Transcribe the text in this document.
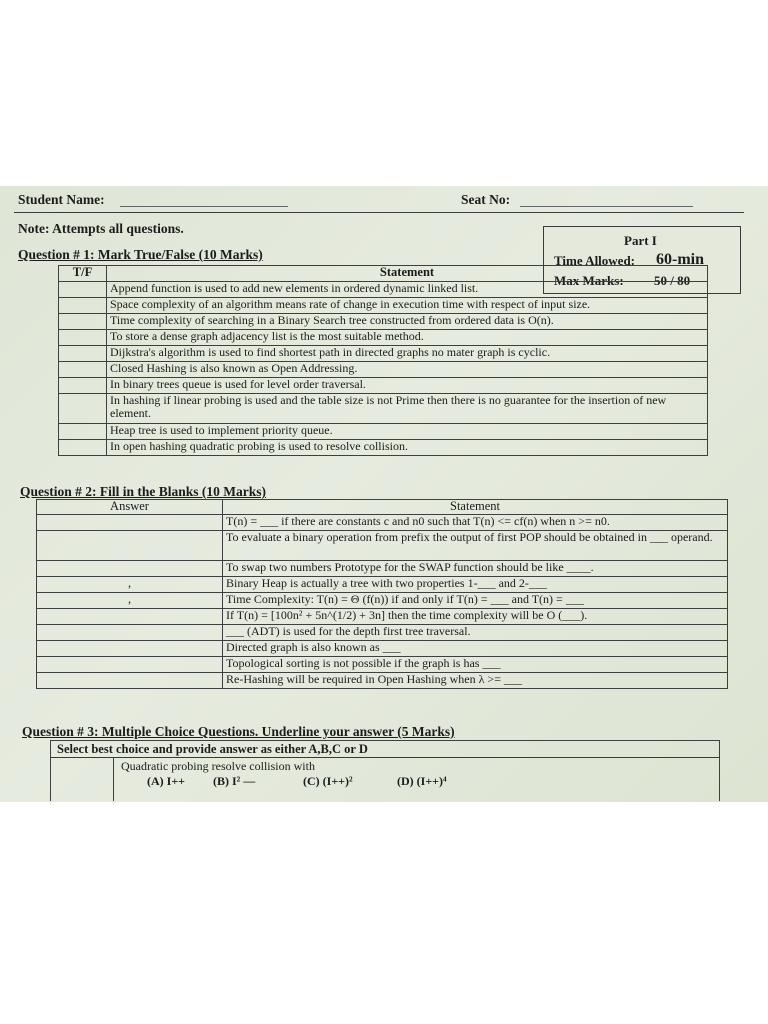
Student Name:	Seat No:
Note: Attempts all questions.
Part I
Time Allowed: 60-min
Max Marks: 50 / 80
Question # 1: Mark True/False (10 Marks)
T/F	Statement
	Append function is used to add new elements in ordered dynamic linked list.
	Space complexity of an algorithm means rate of change in execution time with respect of input size.
	Time complexity of searching in a Binary Search tree constructed from ordered data is O(n).
	To store a dense graph adjacency list is the most suitable method.
	Dijkstra's algorithm is used to find shortest path in directed graphs no mater graph is cyclic.
	Closed Hashing is also known as Open Addressing.
	In binary trees queue is used for level order traversal.
	In hashing if linear probing is used and the table size is not Prime then there is no guarantee for the insertion of new element.
	Heap tree is used to implement priority queue.
	In open hashing quadratic probing is used to resolve collision.
Question # 2: Fill in the Blanks (10 Marks)
Answer	Statement
	T(n) = ___ if there are constants c and n0 such that T(n) <= cf(n) when n >= n0.
	To evaluate a binary operation from prefix the output of first POP should be obtained in ___ operand.
	To swap two numbers Prototype for the SWAP function should be like ____.
,	Binary Heap is actually a tree with two properties 1-___ and 2-___
,	Time Complexity: T(n) = Θ (f(n)) if and only if T(n) = ___ and T(n) = ___
	If T(n) = [100n² + 5n^(1/2) + 3n] then the time complexity will be O (___).
	___ (ADT) is used for the depth first tree traversal.
	Directed graph is also known as ___
	Topological sorting is not possible if the graph is has ___
	Re-Hashing will be required in Open Hashing when λ >= ___
Question # 3: Multiple Choice Questions. Underline your answer (5 Marks)
Select best choice and provide answer as either A,B,C or D
Quadratic probing resolve collision with
(A) I++ (B) I² —	(C) (I++)²	(D) (I++)⁴
